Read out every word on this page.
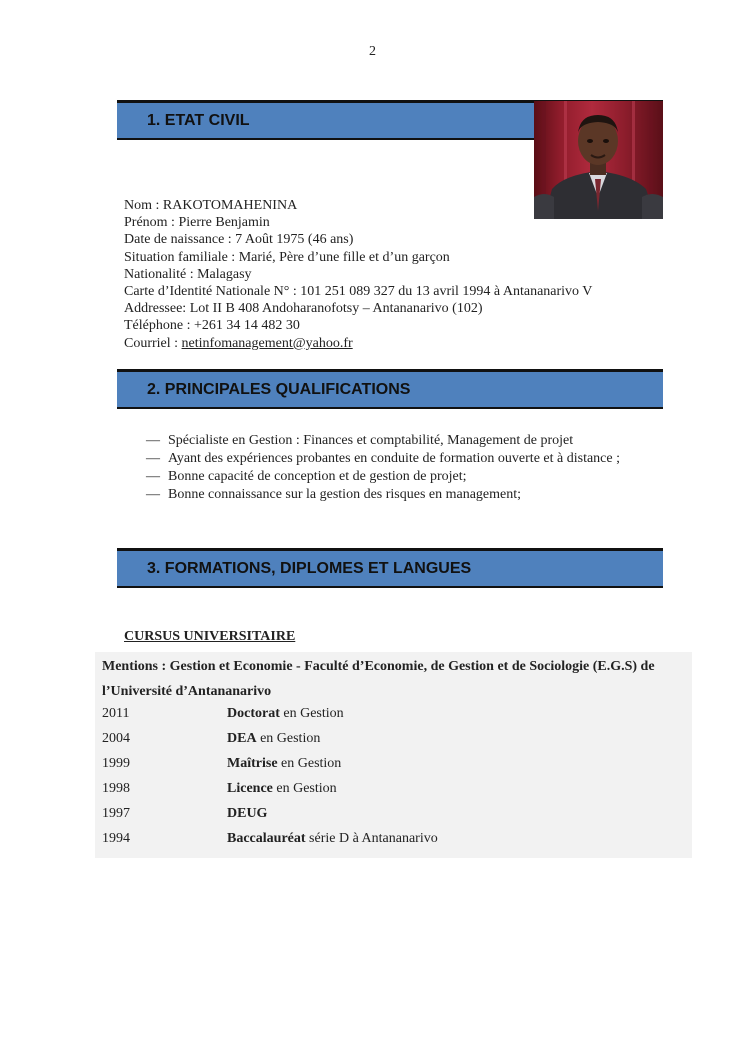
2
1. ETAT CIVIL
Nom : RAKOTOMAHENINA
Prénom : Pierre Benjamin
Date de naissance : 7 Août 1975 (46 ans)
Situation familiale : Marié, Père d’une fille et d’un garçon
Nationalité : Malagasy
Carte d’Identité Nationale N° : 101 251 089 327 du 13 avril 1994 à Antananarivo V
Addressee: Lot II B 408 Andoharanofotsy – Antananarivo (102)
Téléphone : +261 34 14 482 30
Courriel : netinfomanagement@yahoo.fr
2. PRINCIPALES QUALIFICATIONS
— Spécialiste en Gestion : Finances et comptabilité, Management de projet
— Ayant des expériences probantes en conduite de formation ouverte et à distance ;
— Bonne capacité de conception et de gestion de projet;
— Bonne connaissance sur la gestion des risques en management;
3. FORMATIONS, DIPLOMES ET LANGUES
CURSUS UNIVERSITAIRE
Mentions : Gestion et Economie - Faculté d’Economie, de Gestion et de Sociologie (E.G.S) de l’Université d’Antananarivo
2011	Doctorat en Gestion
2004	DEA en Gestion
1999	Maîtrise en Gestion
1998	Licence en Gestion
1997	DEUG
1994	Baccalauréat série D à Antananarivo
